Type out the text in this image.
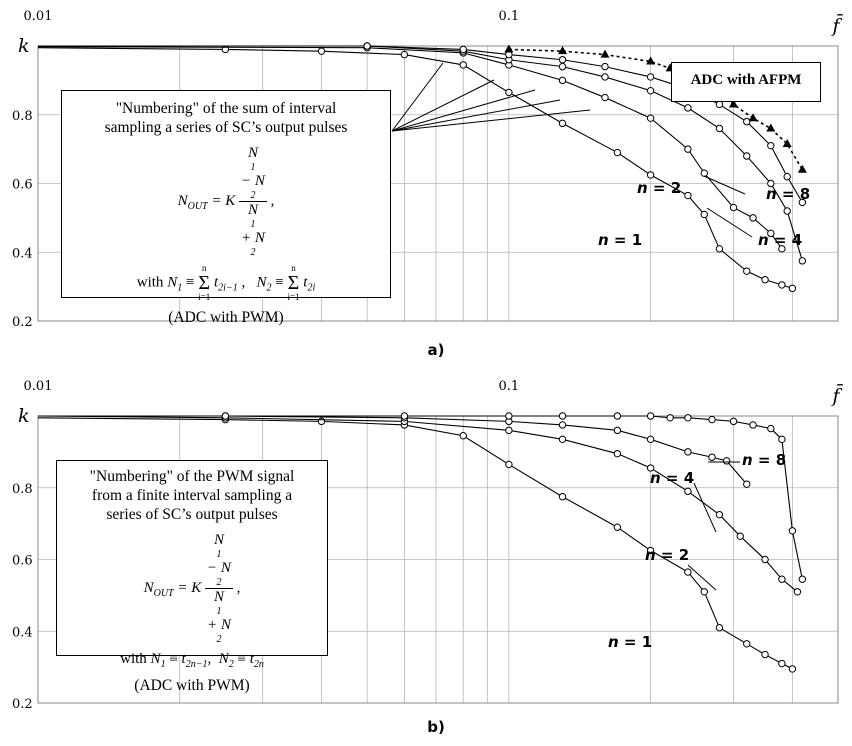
0.01	0.1
0.2
0.4
0.6
0.8
k
f̄
a)
n = 1
n = 2
n = 4
n = 8
0.01	0.1
0.2
0.4
0.6
0.8
k
f̄
b)
n = 1
n = 2
n = 4
n = 8

"Numbering" of the sum of interval

sampling a series of SC’s output pulses

$N_{OUT} = K$ N
1
− N
2
N
1
+ N
2 ,
with $N_1 \equiv n$
Σ
i=1 $t_{2i-1}$ ,   $N_2 \equiv n$
Σ
i=1 $t_{2i}$

(ADC with PWM)

ADC with AFPM

"Numbering" of the PWM signal

from a finite interval sampling a

series of SC’s output pulses

$N_{OUT} = K$ N
1
− N
2
N
1
+ N
2 ,
with $N_1 \equiv t_{2n-1}$,  $N_2 \equiv t_{2n}$

(ADC with PWM)
